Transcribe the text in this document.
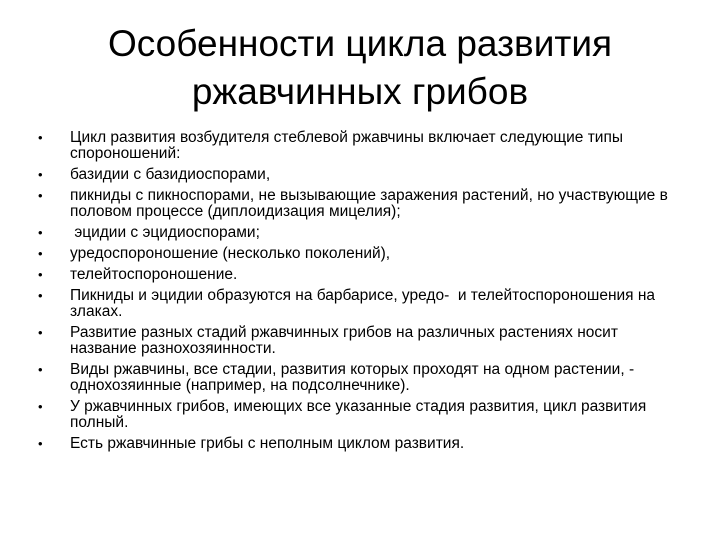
Особенности цикла развития ржавчинных грибов
•	Цикл развития возбудителя стеблевой ржавчины включает следующие типы спороношений:
•	базидии с базидиоспорами,
•	пикниды с пикноспорами, не вызывающие заражения растений, но участвующие в половом процессе (диплоидизация мицелия);
•	эцидии с эцидиоспорами;
•	уредоспороношение (несколько поколений),
•	телейтоспороношение.
•	Пикниды и эцидии образуются на барбарисе, уредо-  и телейтоспороношения на злаках.
•	Развитие разных стадий ржавчинных грибов на различных растениях носит название разнохозяинности.
•	Виды ржавчины, все стадии, развития которых проходят на одном растении, - однохозяинные (например, на подсолнечнике).
•	У ржавчинных грибов, имеющих все указанные стадия развития, цикл развития полный.
•	Есть ржавчинные грибы с неполным циклом развития.
